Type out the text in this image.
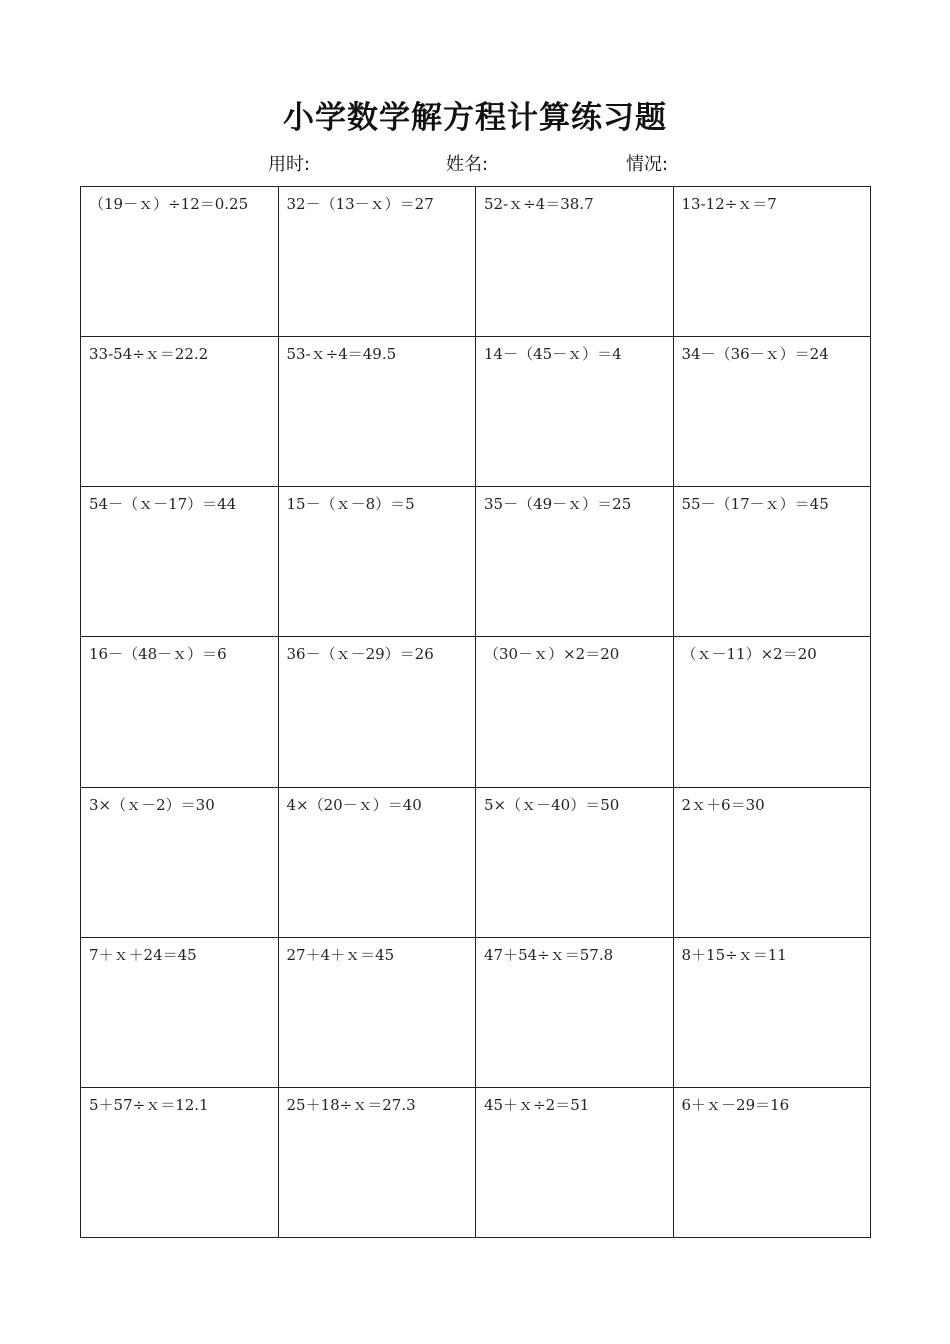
小学数学解方程计算练习题
用时:	姓名:	情况:
（19－ｘ）÷12＝0.25	32－（13－ｘ）＝27	52-ｘ÷4＝38.7	13-12÷ｘ＝7
33-54÷ｘ＝22.2	53-ｘ÷4＝49.5	14－（45－ｘ）＝4	34－（36－ｘ）＝24
54－（ｘ－17）＝44	15－（ｘ－8）＝5	35－（49－ｘ）＝25	55－（17－ｘ）＝45
16－（48－ｘ）＝6	36－（ｘ－29）＝26	（30－ｘ）×2＝20	（ｘ－11）×2＝20
3×（ｘ－2）＝30	4×（20－ｘ）＝40	5×（ｘ－40）＝50	2ｘ＋6＝30
7＋ｘ＋24＝45	27＋4＋ｘ＝45	47＋54÷ｘ＝57.8	8＋15÷ｘ＝11
5＋57÷ｘ＝12.1	25＋18÷ｘ＝27.3	45＋ｘ÷2＝51	6＋ｘ－29＝16
